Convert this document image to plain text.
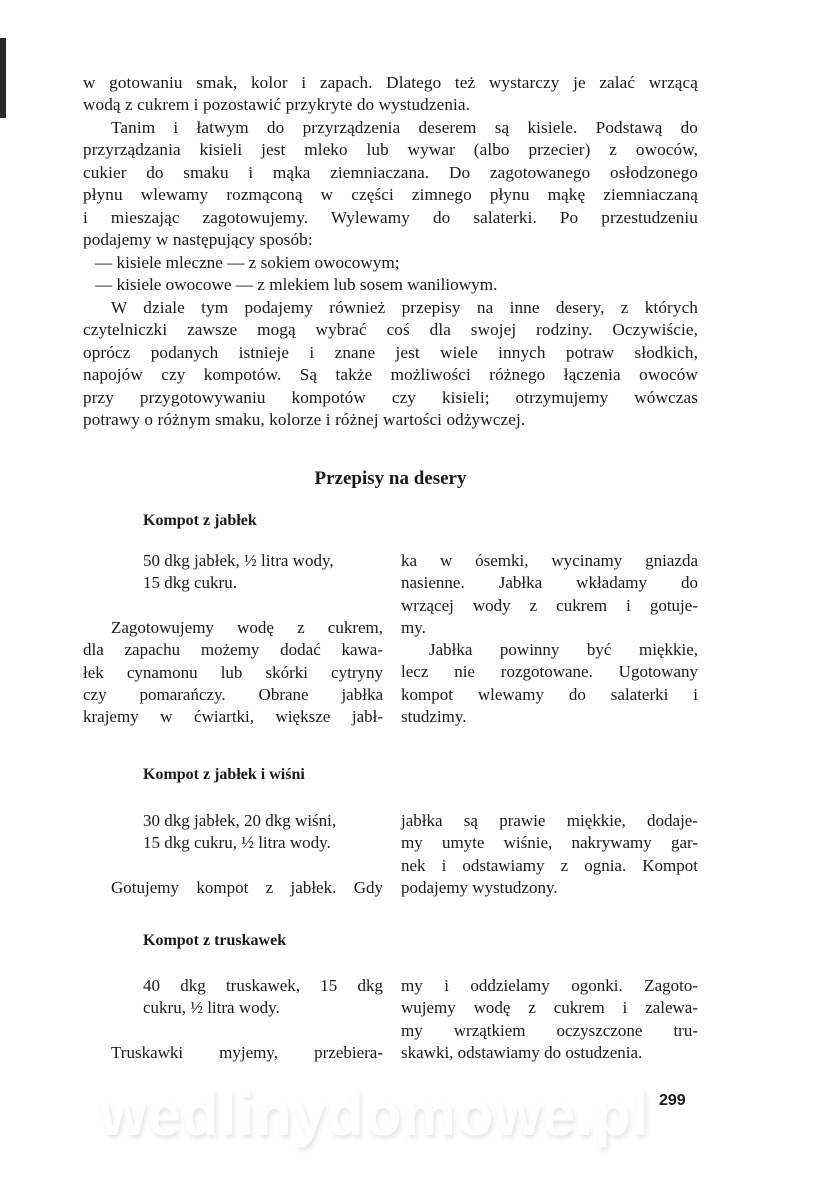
w gotowaniu smak, kolor i zapach. Dlatego też wystarczy je zalać wrzącą
wodą z cukrem i pozostawić przykryte do wystudzenia.
Tanim i łatwym do przyrządzenia deserem są kisiele. Podstawą do
przyrządzania kisieli jest mleko lub wywar (albo przecier) z owoców,
cukier do smaku i mąka ziemniaczana. Do zagotowanego osłodzonego
płynu wlewamy rozmąconą w części zimnego płynu mąkę ziemniaczaną
i mieszając zagotowujemy. Wylewamy do salaterki. Po przestudzeniu
podajemy w następujący sposób:
— kisiele mleczne — z sokiem owocowym;
— kisiele owocowe — z mlekiem lub sosem waniliowym.
W dziale tym podajemy również przepisy na inne desery, z których
czytelniczki zawsze mogą wybrać coś dla swojej rodziny. Oczywiście,
oprócz podanych istnieje i znane jest wiele innych potraw słodkich,
napojów czy kompotów. Są także możliwości różnego łączenia owoców
przy przygotowywaniu kompotów czy kisieli; otrzymujemy wówczas
potrawy o różnym smaku, kolorze i różnej wartości odżywczej.
Przepisy na desery
Kompot z jabłek
50 dkg jabłek, ½ litra wody,
15 dkg cukru.
Zagotowujemy wodę z cukrem,
dla zapachu możemy dodać kawa-
łek cynamonu lub skórki cytryny
czy pomarańczy. Obrane jabłka
krajemy w ćwiartki, większe jabł-
ka w ósemki, wycinamy gniazda
nasienne. Jabłka wkładamy do
wrzącej wody z cukrem i gotuje-
my.
Jabłka powinny być miękkie,
lecz nie rozgotowane. Ugotowany
kompot wlewamy do salaterki i
studzimy.
Kompot z jabłek i wiśni
30 dkg jabłek, 20 dkg wiśni,
15 dkg cukru, ½ litra wody.
Gotujemy kompot z jabłek. Gdy
jabłka są prawie miękkie, dodaje-
my umyte wiśnie, nakrywamy gar-
nek i odstawiamy z ognia. Kompot
podajemy wystudzony.
Kompot z truskawek
40 dkg truskawek, 15 dkg
cukru, ½ litra wody.
Truskawki myjemy, przebiera-
my i oddzielamy ogonki. Zagoto-
wujemy wodę z cukrem i zalewa-
my wrzątkiem oczyszczone tru-
skawki, odstawiamy do ostudzenia.
299
wedlinydomowe.pl
